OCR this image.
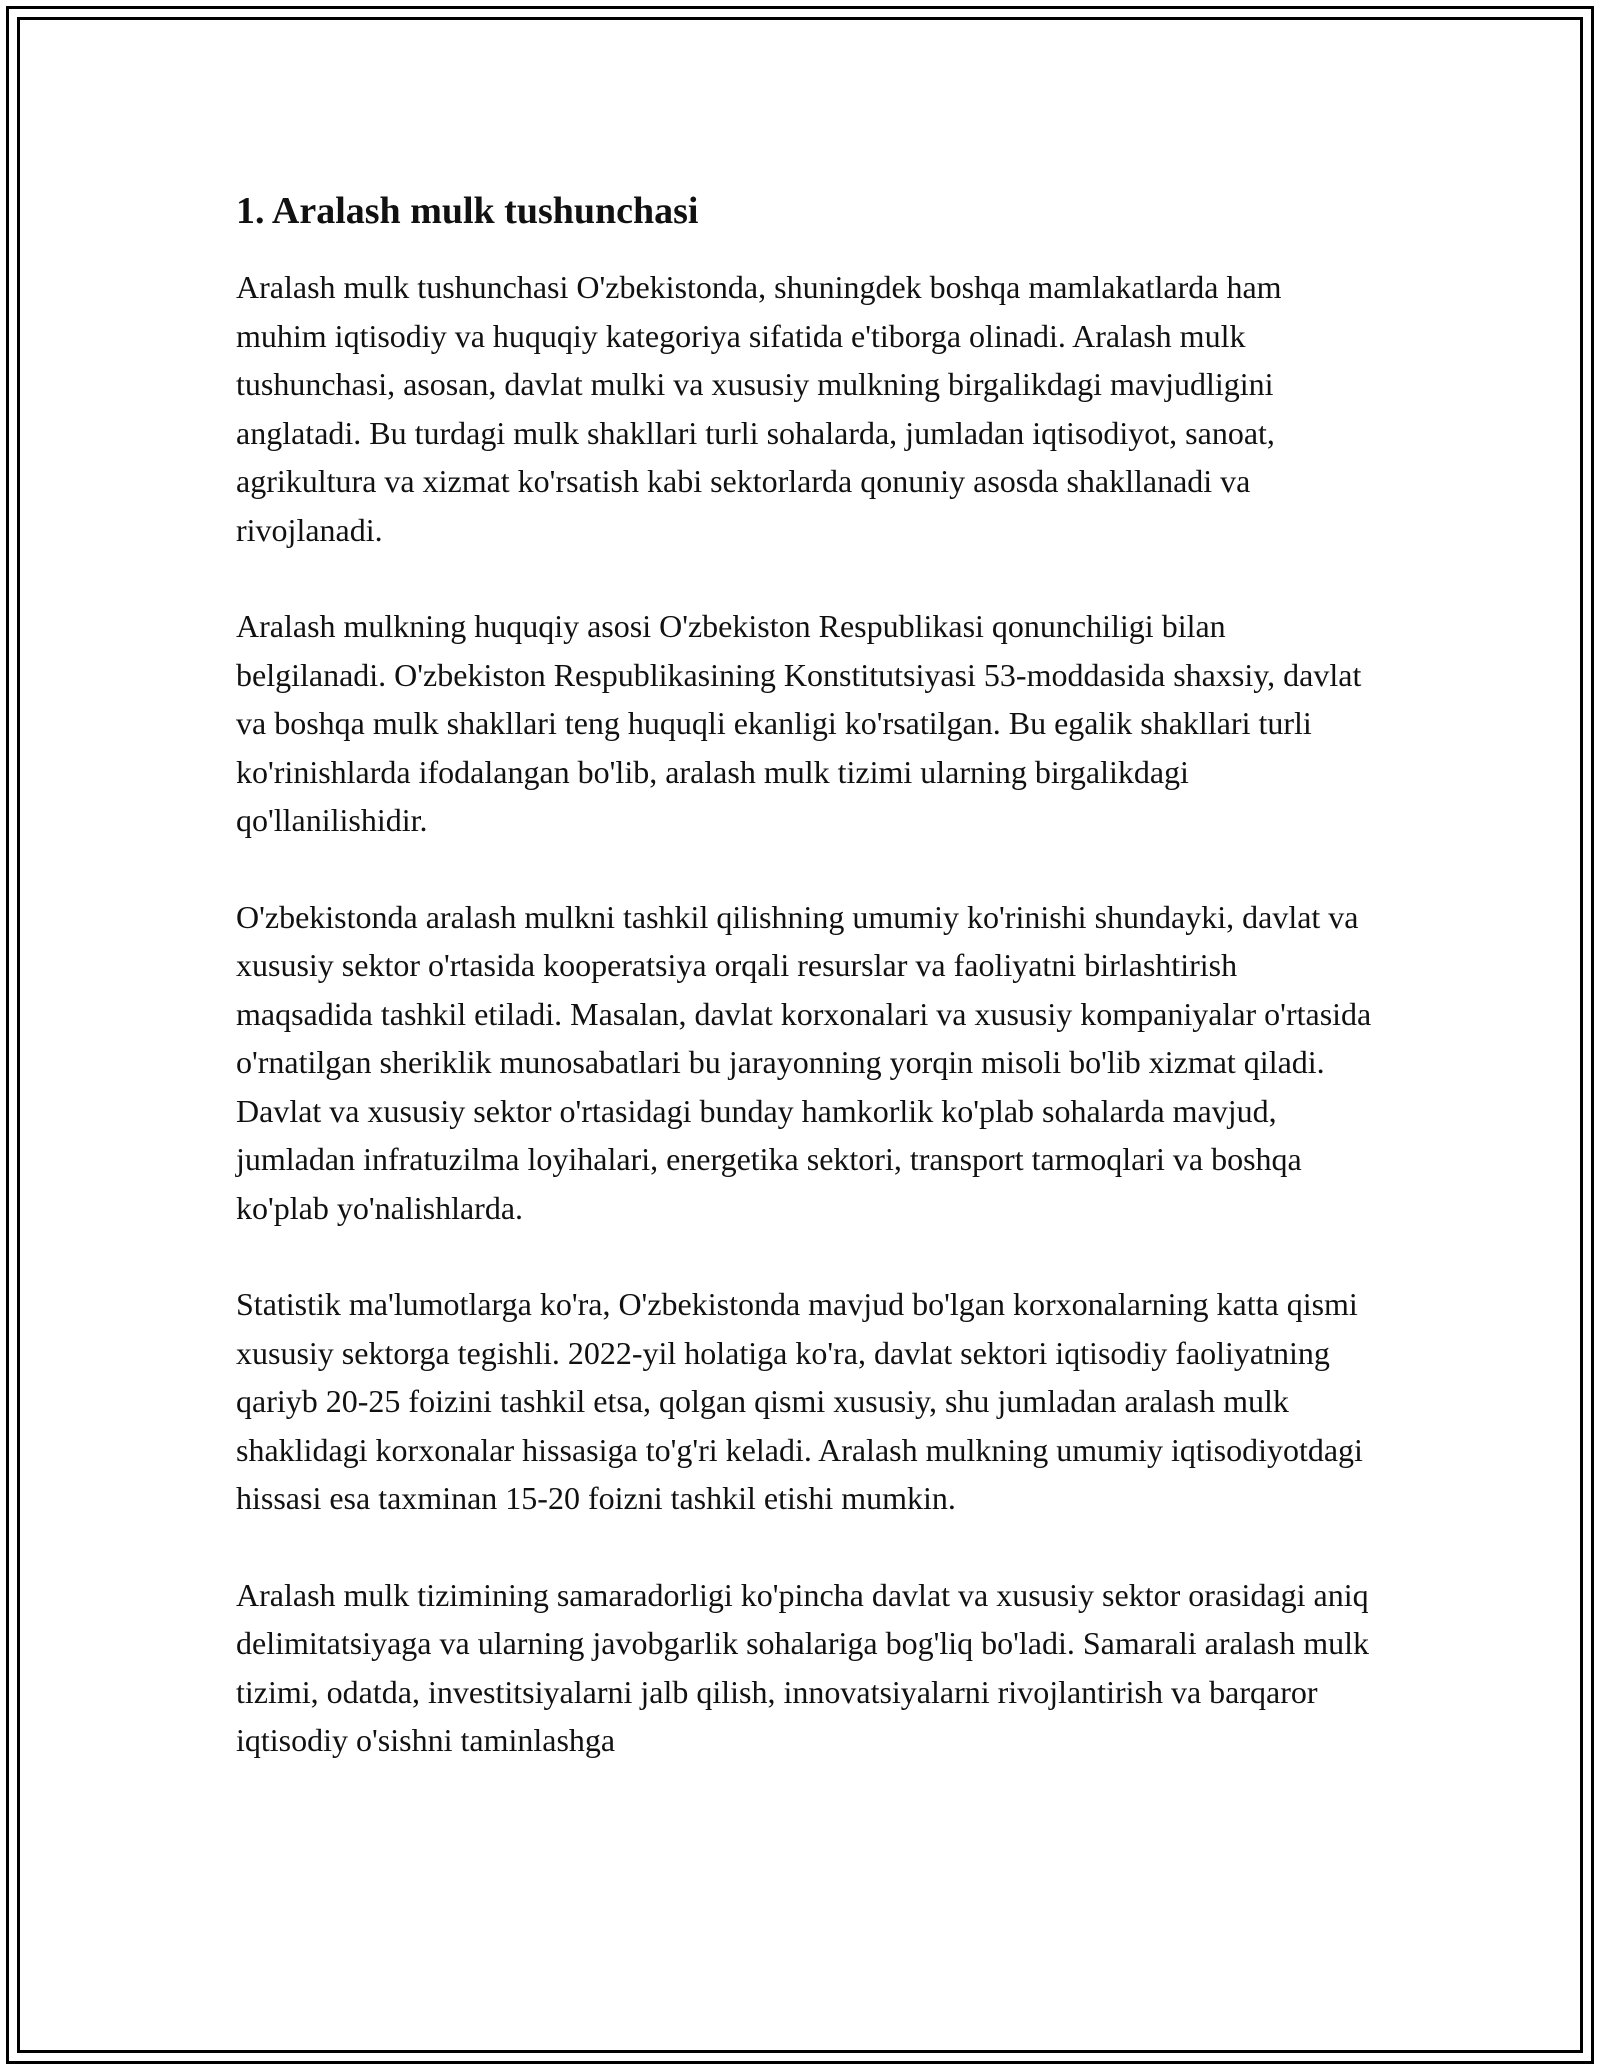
1. Aralash mulk tushunchasi

Aralash mulk tushunchasi O'zbekistonda, shuningdek boshqa mamlakatlarda ham muhim iqtisodiy va huquqiy kategoriya sifatida e'tiborga olinadi. Aralash mulk tushunchasi, asosan, davlat mulki va xususiy mulkning birgalikdagi mavjudligini anglatadi. Bu turdagi mulk shakllari turli sohalarda, jumladan iqtisodiyot, sanoat, agrikultura va xizmat ko'rsatish kabi sektorlarda qonuniy asosda shakllanadi va rivojlanadi.

Aralash mulkning huquqiy asosi O'zbekiston Respublikasi qonunchiligi bilan belgilanadi. O'zbekiston Respublikasining Konstitutsiyasi 53-moddasida shaxsiy, davlat va boshqa mulk shakllari teng huquqli ekanligi ko'rsatilgan. Bu egalik shakllari turli ko'rinishlarda ifodalangan bo'lib, aralash mulk tizimi ularning birgalikdagi qo'llanilishidir.

O'zbekistonda aralash mulkni tashkil qilishning umumiy ko'rinishi shundayki, davlat va xususiy sektor o'rtasida kooperatsiya orqali resurslar va faoliyatni birlashtirish maqsadida tashkil etiladi. Masalan, davlat korxonalari va xususiy kompaniyalar o'rtasida o'rnatilgan sheriklik munosabatlari bu jarayonning yorqin misoli bo'lib xizmat qiladi. Davlat va xususiy sektor o'rtasidagi bunday hamkorlik ko'plab sohalarda mavjud, jumladan infratuzilma loyihalari, energetika sektori, transport tarmoqlari va boshqa ko'plab yo'nalishlarda.

Statistik ma'lumotlarga ko'ra, O'zbekistonda mavjud bo'lgan korxonalarning katta qismi xususiy sektorga tegishli. 2022-yil holatiga ko'ra, davlat sektori iqtisodiy faoliyatning qariyb 20-25 foizini tashkil etsa, qolgan qismi xususiy, shu jumladan aralash mulk shaklidagi korxonalar hissasiga to'g'ri keladi. Aralash mulkning umumiy iqtisodiyotdagi hissasi esa taxminan 15-20 foizni tashkil etishi mumkin.

Aralash mulk tizimining samaradorligi ko'pincha davlat va xususiy sektor orasidagi aniq delimitatsiyaga va ularning javobgarlik sohalariga bog'liq bo'ladi. Samarali aralash mulk tizimi, odatda, investitsiyalarni jalb qilish, innovatsiyalarni rivojlantirish va barqaror iqtisodiy o'sishni taminlashga
